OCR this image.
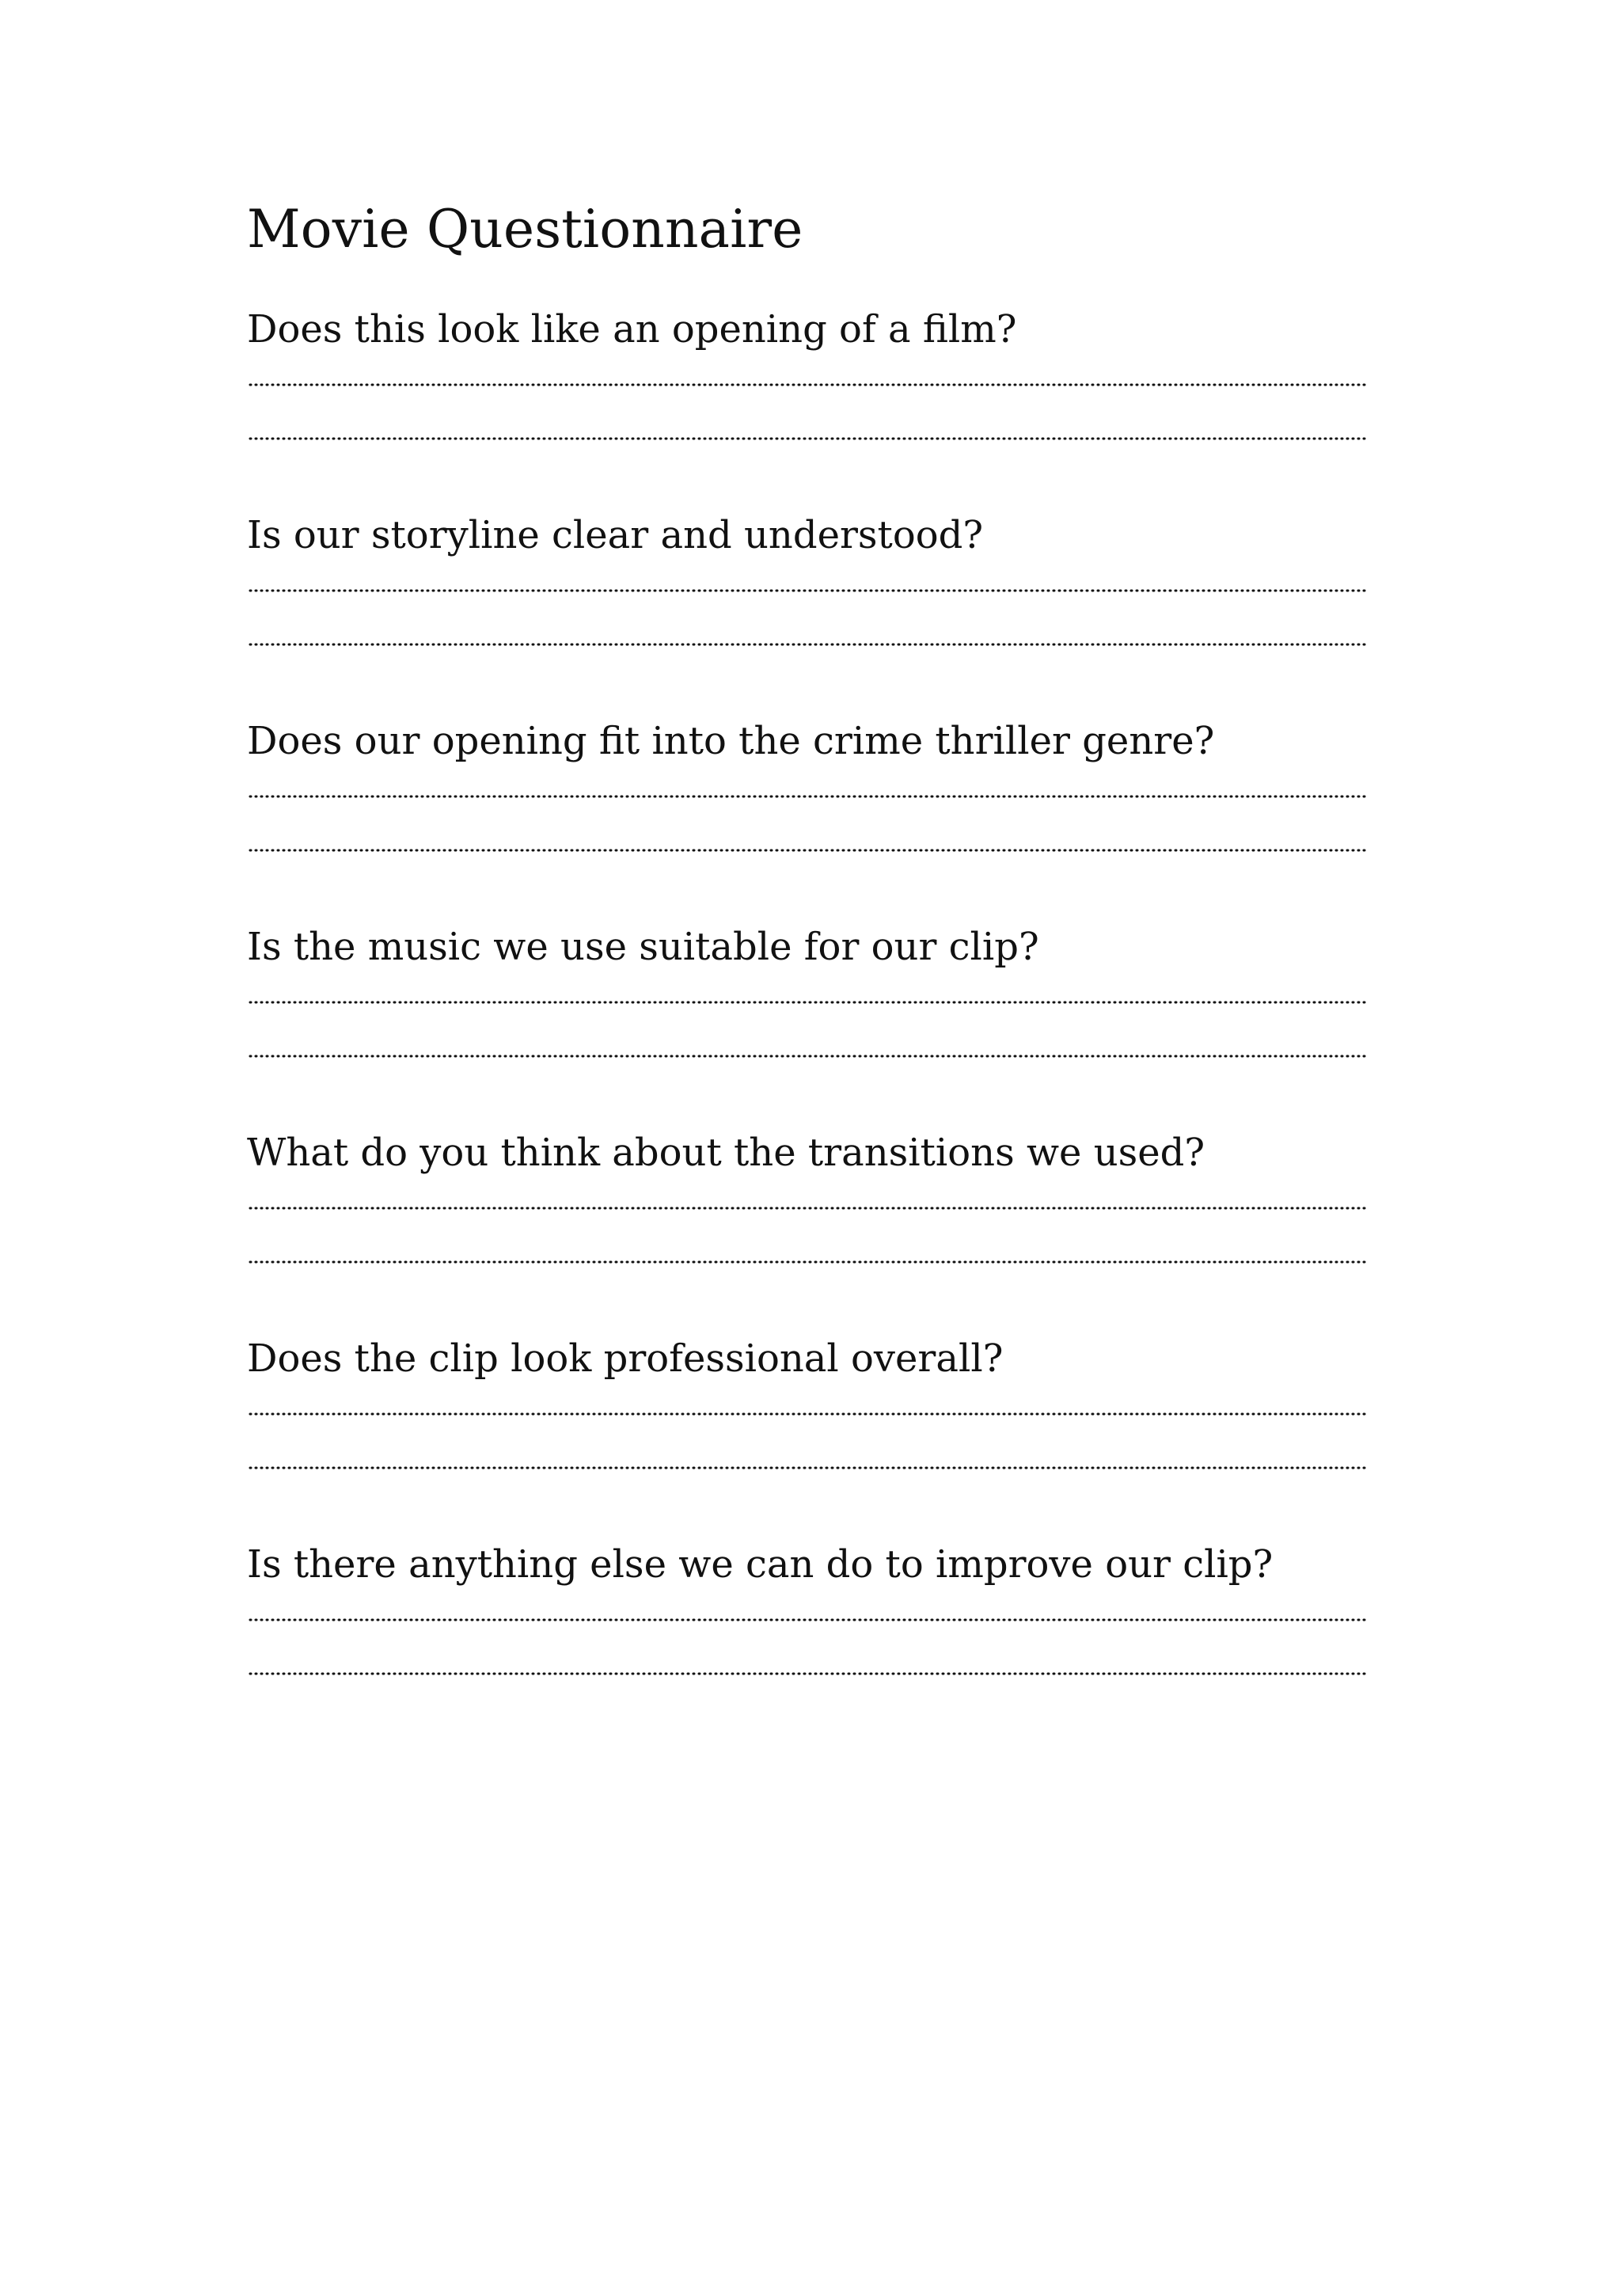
Movie Questionnaire

Does this look like an opening of a film?

Is our storyline clear and understood?

Does our opening fit into the crime thriller genre?

Is the music we use suitable for our clip?

What do you think about the transitions we used?

Does the clip look professional overall?

Is there anything else we can do to improve our clip?
